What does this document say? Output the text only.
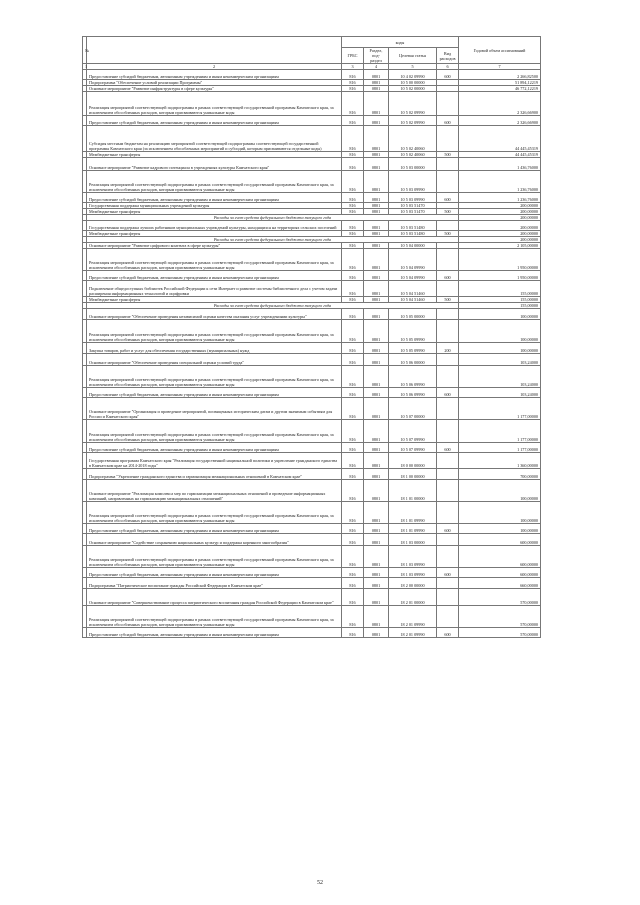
№		коды				Годовой объем ассигнований
		ГРБС	Раздел, под- раздел	Целевая статья	Вид расходов	
1	2	3	4	5	6	7
	Предоставление субсидий бюджетным, автономным учреждениям и иным некоммерческим организациям	816	0801	10 4 02 09990	600	2 266,82500
	Подпрограмма "Обеспечение условий реализации Программы"	816	0801	10 5 00 00000		51 894,12219
	Основное мероприятие "Развитие инфраструктуры в сфере культуры"	816	0801	10 5 02 00000		46 772,12219
	Реализация мероприятий соответствующей подпрограммы в рамках соответствующей государственной программы Камчатского края, за исключением обособленных расходов, которым присваиваются уникальные коды	816	0801	10 5 02 09990		2 326,66900
	Предоставление субсидий бюджетным, автономным учреждениям и иным некоммерческим организациям	816	0801	10 5 02 09990	600	2 326,66900
	Субсидия местным бюджетам на реализацию мероприятий соответствующей подпрограммы соответствующей государственной программы Камчатского края (за исключением обособленных мероприятий и субсидий, которым присваиваются отдельные коды)	816	0801	10 5 02 40060		44 445,45319
	Межбюджетные трансферты	816	0801	10 5 02 40060	500	44 445,45319
	Основное мероприятие "Развитие кадрового потенциала в учреждениях культуры Камчатского края"	816	0801	10 5 03 00000		1 436,76000
	Реализация мероприятий соответствующей подпрограммы в рамках соответствующей государственной программы Камчатского края, за исключением обособленных расходов, которым присваиваются уникальные коды	816	0801	10 5 03 09990		1 236,76000
	Предоставление субсидий бюджетным, автономным учреждениям и иным некоммерческим организациям	816	0801	10 5 03 09990	600	1 236,76000
	Государственная поддержка муниципальных учреждений культуры	816	0801	10 5 03 51470		200,00000
	Межбюджетные трансферты	816	0801	10 5 03 51470	500	200,00000
	Расходы за счет средств федерального бюджета текущего года					200,00000
	Государственная поддержка лучших работников муниципальных учреждений культуры, находящихся на территориях сельских поселений	816	0801	10 5 03 51480		200,00000
	Межбюджетные трансферты	816	0801	10 5 03 51480	500	200,00000
	Расходы за счет средств федерального бюджета текущего года					200,00000
	Основное мероприятие "Развитие цифрового контента в сфере культуры"	816	0801	10 5 04 00000		2 105,00000
	Реализация мероприятий соответствующей подпрограммы в рамках соответствующей государственной программы Камчатского края, за исключением обособленных расходов, которым присваиваются уникальные коды	816	0801	10 5 04 09990		1 950,00000
	Предоставление субсидий бюджетным, автономным учреждениям и иным некоммерческим организациям	816	0801	10 5 04 09990	600	1 950,00000
	Подключение общедоступных библиотек Российской Федерации к сети Интернет и развитие системы библиотечного дела с учетом задачи расширения информационных технологий и оцифровки	816	0801	10 5 04 51460		155,00000
	Межбюджетные трансферты	816	0801	10 5 04 51460	500	155,00000
	Расходы за счет средств федерального бюджета текущего года					155,00000
	Основное мероприятие "Обеспечение проведения независимой оценки качества оказания услуг учреждениями культуры"	816	0801	10 5 05 00000		100,00000
	Реализация мероприятий соответствующей подпрограммы в рамках соответствующей государственной программы Камчатского края, за исключением обособленных расходов, которым присваиваются уникальные коды	816	0801	10 5 05 09990		100,00000
	Закупка товаров, работ и услуг для обеспечения государственных (муниципальных) нужд	816	0801	10 5 05 09990	200	100,00000
	Основное мероприятие "Обеспечение проведения специальной оценки условий труда"	816	0801	10 5 06 00000		103,24000
	Реализация мероприятий соответствующей подпрограммы в рамках соответствующей государственной программы Камчатского края, за исключением обособленных расходов, которым присваиваются уникальные коды	816	0801	10 5 06 09990		103,24000
	Предоставление субсидий бюджетным, автономным учреждениям и иным некоммерческим организациям	816	0801	10 5 06 09990	600	103,24000
	Основное мероприятие "Организация и проведение мероприятий, посвященных историческим датам и другим значимым событиям для России и Камчатского края"	816	0801	10 5 07 00000		1 177,00000
	Реализация мероприятий соответствующей подпрограммы в рамках соответствующей государственной программы Камчатского края, за исключением обособленных расходов, которым присваиваются уникальные коды	816	0801	10 5 07 09990		1 177,00000
	Предоставление субсидий бюджетным, автономным учреждениям и иным некоммерческим организациям	816	0801	10 5 07 09990	600	1 177,00000
	Государственная программа Камчатского края "Реализация государственной национальной политики и укрепление гражданского единства в Камчатском крае на 2014-2018 годы"	816	0801	18 0 00 00000		1 360,00000
	Подпрограмма "Укрепление гражданского единства и гармонизация межнациональных отношений в Камчатском крае"	816	0801	18 1 00 00000		700,00000
	Основное мероприятие "Реализация комплекса мер по гармонизации межнациональных отношений и проведение информационных кампаний, направленных на гармонизацию межнациональных отношений"	816	0801	18 1 01 00000		100,00000
	Реализация мероприятий соответствующей подпрограммы в рамках соответствующей государственной программы Камчатского края, за исключением обособленных расходов, которым присваиваются уникальные коды	816	0801	18 1 01 09990		100,00000
	Предоставление субсидий бюджетным, автономным учреждениям и иным некоммерческим организациям	816	0801	18 1 01 09990	600	100,00000
	Основное мероприятие "Содействие сохранению национальных культур и поддержка коренного многообразия"	816	0801	18 1 03 00000		600,00000
	Реализация мероприятий соответствующей подпрограммы в рамках соответствующей государственной программы Камчатского края, за исключением обособленных расходов, которым присваиваются уникальные коды	816	0801	18 1 03 09990		600,00000
	Предоставление субсидий бюджетным, автономным учреждениям и иным некоммерческим организациям	816	0801	18 1 03 09990	600	600,00000
	Подпрограмма "Патриотическое воспитание граждан Российской Федерации в Камчатском крае"	816	0801	18 2 00 00000		660,00000
	Основное мероприятие "Совершенствование процесса патриотического воспитания граждан Российской Федерации в Камчатском крае"	816	0801	18 2 01 00000		570,00000
	Реализация мероприятий соответствующей подпрограммы в рамках соответствующей государственной программы Камчатского края, за исключением обособленных расходов, которым присваиваются уникальные коды	816	0801	18 2 01 09990		570,00000
	Предоставление субсидий бюджетным, автономным учреждениям и иным некоммерческим организациям	816	0801	18 2 01 09990	600	570,00000
52
